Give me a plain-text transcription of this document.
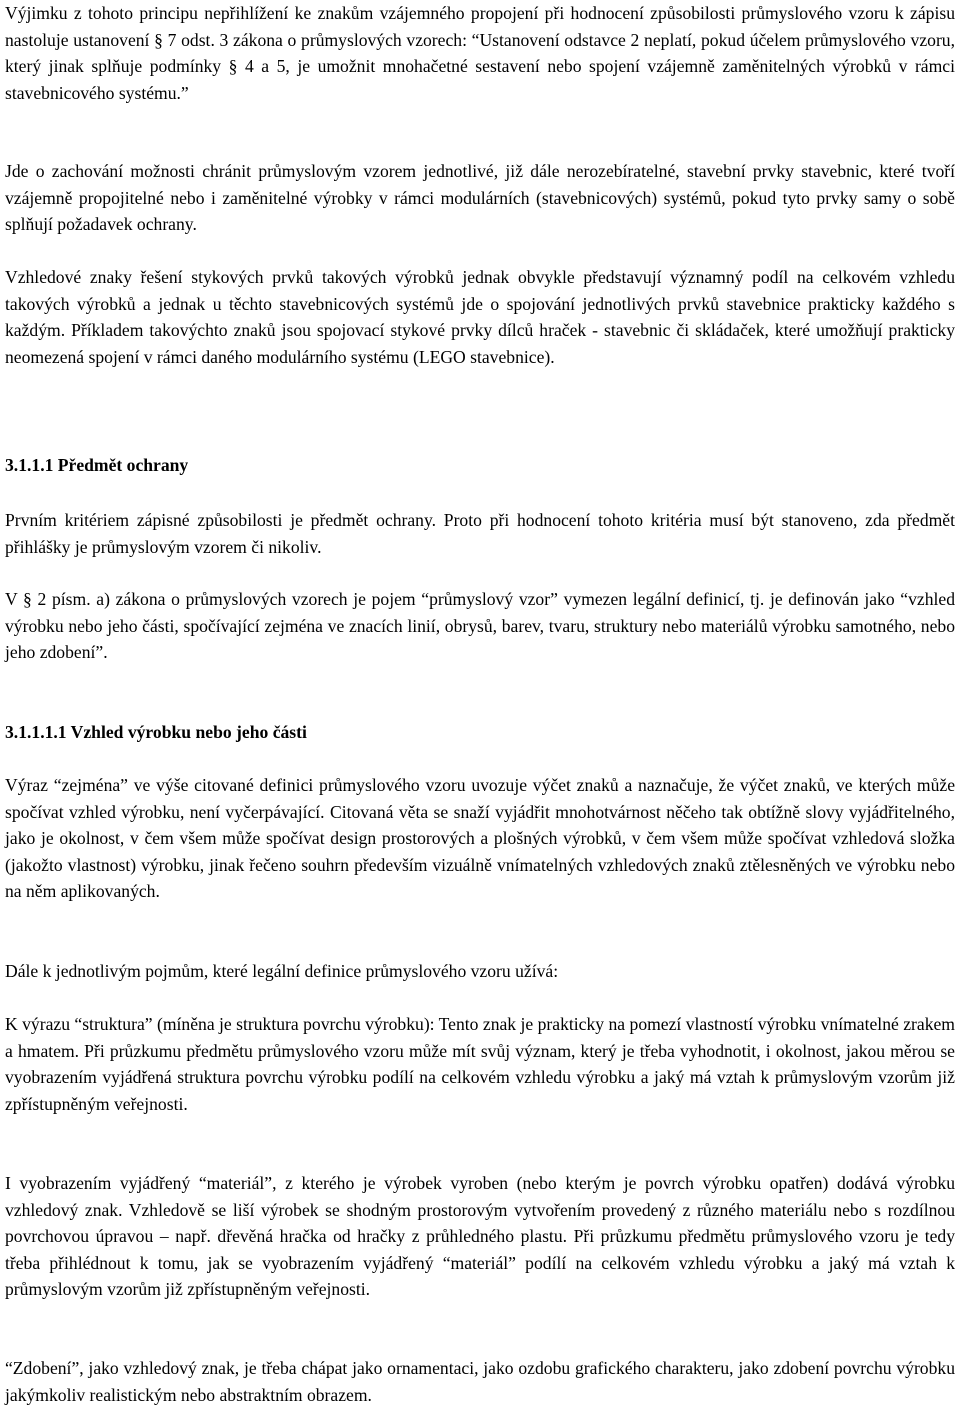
Výjimku z tohoto principu nepřihlížení ke znakům vzájemného propojení při hodnocení způsobilosti průmyslového vzoru k zápisu nastoluje ustanovení § 7 odst. 3 zákona o průmyslových vzorech: “Ustanovení odstavce 2 neplatí, pokud účelem průmyslového vzoru, který jinak splňuje podmínky § 4 a 5, je umožnit mnohačetné sestavení nebo spojení vzájemně zaměnitelných výrobků v rámci stavebnicového systému.”

Jde o zachování možnosti chránit průmyslovým vzorem jednotlivé, již dále nerozebíratelné, stavební prvky stavebnic, které tvoří vzájemně propojitelné nebo i zaměnitelné výrobky v rámci modulárních (stavebnicových) systémů, pokud tyto prvky samy o sobě splňují požadavek ochrany.

Vzhledové znaky řešení stykových prvků takových výrobků jednak obvykle představují významný podíl na celkovém vzhledu takových výrobků a jednak u těchto stavebnicových systémů jde o spojování jednotlivých prvků stavebnice prakticky každého s každým. Příkladem takovýchto znaků jsou spojovací stykové prvky dílců hraček - stavebnic či skládaček, které umožňují prakticky neomezená spojení v rámci daného modulárního systému (LEGO stavebnice).

3.1.1.1 Předmět ochrany

Prvním kritériem zápisné způsobilosti je předmět ochrany. Proto při hodnocení tohoto kritéria musí být stanoveno, zda předmět přihlášky je průmyslovým vzorem či nikoliv.

V § 2 písm. a) zákona o průmyslových vzorech je pojem “průmyslový vzor” vymezen legální definicí, tj. je definován jako “vzhled výrobku nebo jeho části, spočívající zejména ve znacích linií, obrysů, barev, tvaru, struktury nebo materiálů výrobku samotného, nebo jeho zdobení”.

3.1.1.1.1 Vzhled výrobku nebo jeho části

Výraz “zejména” ve výše citované definici průmyslového vzoru uvozuje výčet znaků a naznačuje, že výčet znaků, ve kterých může spočívat vzhled výrobku, není vyčerpávající. Citovaná věta se snaží vyjádřit mnohotvárnost něčeho tak obtížně slovy vyjádřitelného, jako je okolnost, v čem všem může spočívat design prostorových a plošných výrobků, v čem všem může spočívat vzhledová složka (jakožto vlastnost) výrobku, jinak řečeno souhrn především vizuálně vnímatelných vzhledových znaků ztělesněných ve výrobku nebo na něm aplikovaných.

Dále k jednotlivým pojmům, které legální definice průmyslového vzoru užívá:

K výrazu “struktura” (míněna je struktura povrchu výrobku): Tento znak je prakticky na pomezí vlastností výrobku vnímatelné zrakem a hmatem. Při průzkumu předmětu průmyslového vzoru může mít svůj význam, který je třeba vyhodnotit, i okolnost, jakou měrou se vyobrazením vyjádřená struktura povrchu výrobku podílí na celkovém vzhledu výrobku a jaký má vztah k průmyslovým vzorům již zpřístupněným veřejnosti.

I vyobrazením vyjádřený “materiál”, z kterého je výrobek vyroben (nebo kterým je povrch výrobku opatřen) dodává výrobku vzhledový znak. Vzhledově se liší výrobek se shodným prostorovým vytvořením provedený z různého materiálu nebo s rozdílnou povrchovou úpravou – např. dřevěná hračka od hračky z průhledného plastu. Při průzkumu předmětu průmyslového vzoru je tedy třeba přihlédnout k tomu, jak se vyobrazením vyjádřený “materiál” podílí na celkovém vzhledu výrobku a jaký má vztah k průmyslovým vzorům již zpřístupněným veřejnosti.

“Zdobení”, jako vzhledový znak, je třeba chápat jako ornamentaci, jako ozdobu grafického charakteru, jako zdobení povrchu výrobku jakýmkoliv realistickým nebo abstraktním obrazem.
